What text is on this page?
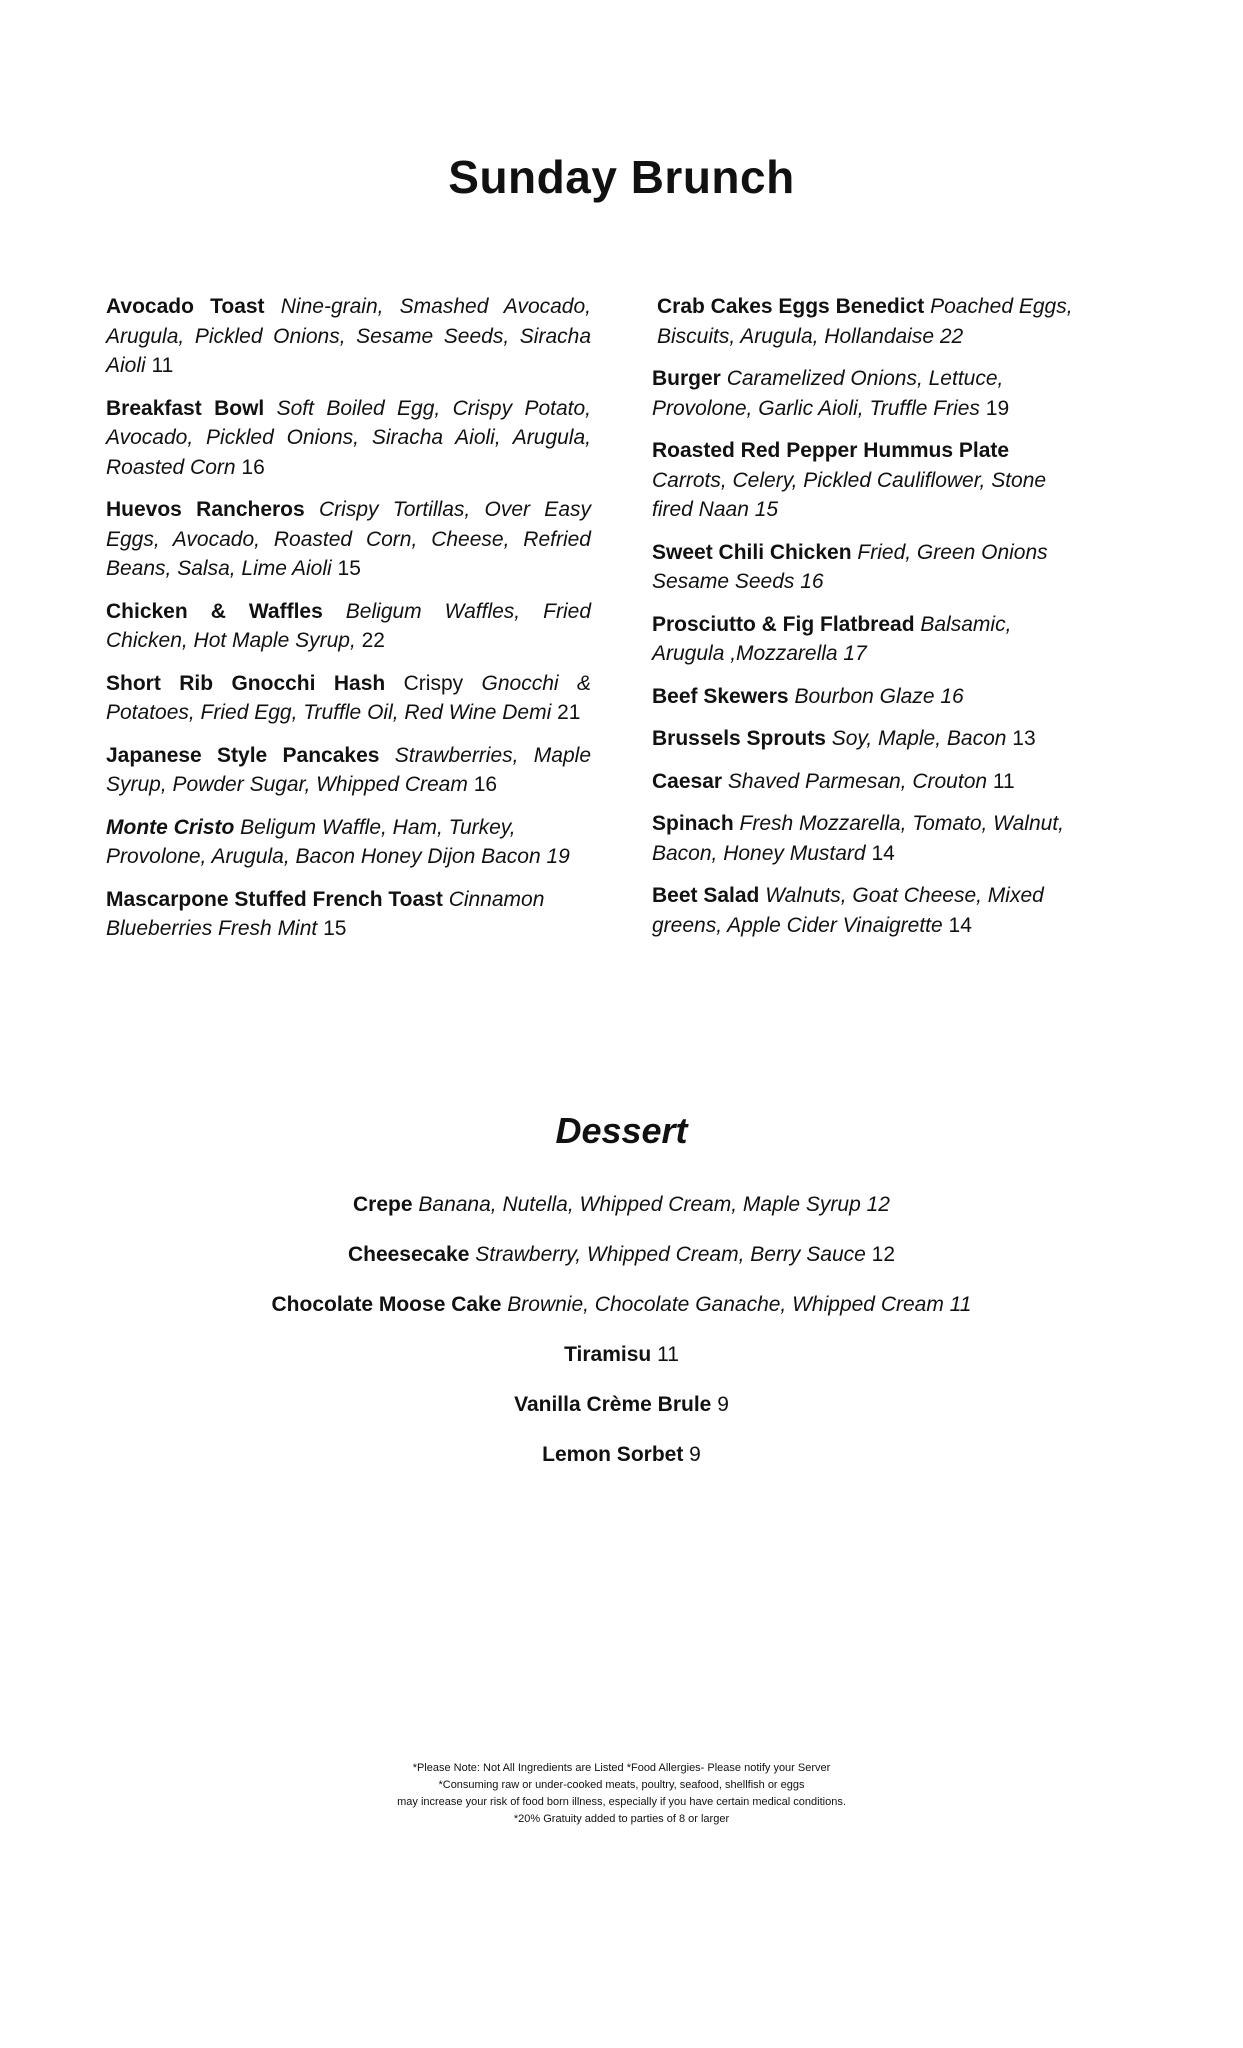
Sunday Brunch
Avocado Toast Nine-grain, Smashed Avocado, Arugula, Pickled Onions, Sesame Seeds, Siracha Aioli 11
Breakfast Bowl Soft Boiled Egg, Crispy Potato, Avocado, Pickled Onions, Siracha Aioli, Arugula, Roasted Corn 16
Huevos Rancheros Crispy Tortillas, Over Easy Eggs, Avocado, Roasted Corn, Cheese, Refried Beans, Salsa, Lime Aioli 15
Chicken & Waffles Beligum Waffles, Fried Chicken, Hot Maple Syrup, 22
Short Rib Gnocchi Hash Crispy Gnocchi & Potatoes, Fried Egg, Truffle Oil, Red Wine Demi 21
Japanese Style Pancakes Strawberries, Maple Syrup, Powder Sugar, Whipped Cream 16
Monte Cristo Beligum Waffle, Ham, Turkey, Provolone, Arugula, Bacon Honey Dijon Bacon 19
Mascarpone Stuffed French Toast Cinnamon Blueberries Fresh Mint 15
Crab Cakes Eggs Benedict Poached Eggs, Biscuits, Arugula, Hollandaise 22
Burger Caramelized Onions, Lettuce, Provolone, Garlic Aioli, Truffle Fries 19
Roasted Red Pepper Hummus Plate Carrots, Celery, Pickled Cauliflower, Stone fired Naan 15
Sweet Chili Chicken Fried, Green Onions Sesame Seeds 16
Prosciutto & Fig Flatbread Balsamic, Arugula ,Mozzarella 17
Beef Skewers Bourbon Glaze 16
Brussels Sprouts Soy, Maple, Bacon 13
Caesar Shaved Parmesan, Crouton 11
Spinach Fresh Mozzarella, Tomato, Walnut, Bacon, Honey Mustard 14
Beet Salad Walnuts, Goat Cheese, Mixed greens, Apple Cider Vinaigrette 14
Dessert
Crepe Banana, Nutella, Whipped Cream, Maple Syrup 12
Cheesecake Strawberry, Whipped Cream, Berry Sauce 12
Chocolate Moose Cake Brownie, Chocolate Ganache, Whipped Cream 11
Tiramisu 11
Vanilla Crème Brule 9
Lemon Sorbet 9
*Please Note: Not All Ingredients are Listed *Food Allergies- Please notify your Server
*Consuming raw or under-cooked meats, poultry, seafood, shellfish or eggs
may increase your risk of food born illness, especially if you have certain medical conditions.
*20% Gratuity added to parties of 8 or larger
